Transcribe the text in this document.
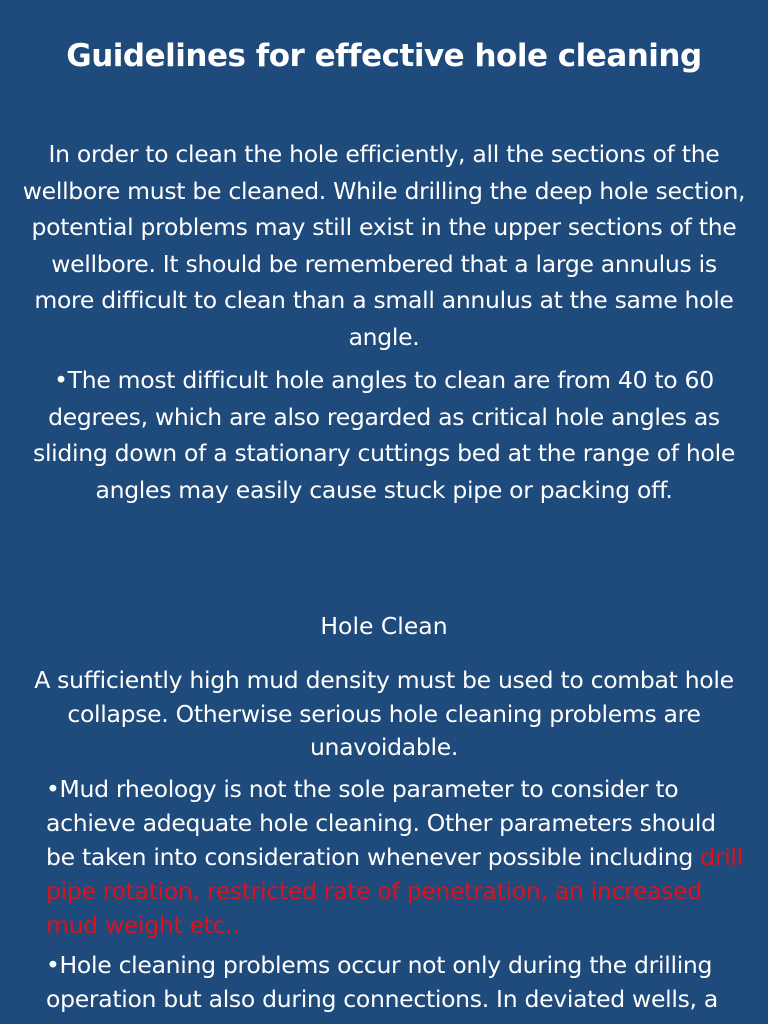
Guidelines for effective hole cleaning

In order to clean the hole efficiently, all the sections of the wellbore must be cleaned. While drilling the deep hole section, potential problems may still exist in the upper sections of the wellbore. It should be remembered that a large annulus is more difficult to clean than a small annulus at the same hole angle.

•The most difficult hole angles to clean are from 40 to 60 degrees, which are also regarded as critical hole angles as sliding down of a stationary cuttings bed at the range of hole angles may easily cause stuck pipe or packing off.

Hole Clean

A sufficiently high mud density must be used to combat hole collapse. Otherwise serious hole cleaning problems are unavoidable.

•Mud rheology is not the sole parameter to consider to achieve adequate hole cleaning. Other parameters should be taken into consideration whenever possible including drill pipe rotation, restricted rate of penetration, an increased mud weight etc..

•Hole cleaning problems occur not only during the drilling operation but also during connections. In deviated wells, a
